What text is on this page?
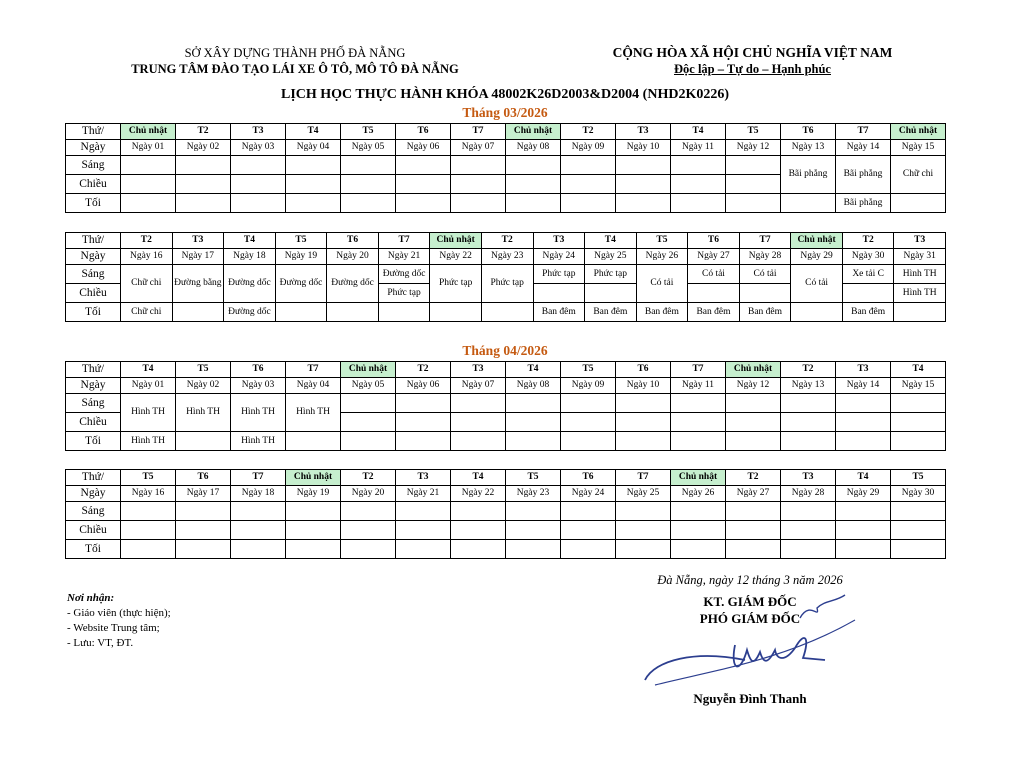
SỞ XÂY DỰNG THÀNH PHỐ ĐÀ NẴNG
TRUNG TÂM ĐÀO TẠO LÁI XE Ô TÔ, MÔ TÔ ĐÀ NẴNG
CỘNG HÒA XÃ HỘI CHỦ NGHĨA VIỆT NAM
Độc lập – Tự do – Hạnh phúc
LỊCH HỌC THỰC HÀNH KHÓA 48002K26D2003&D2004 (NHD2K0226)
Tháng 03/2026
Thứ/	Chủ nhật	T2	T3	T4	T5	T6	T7	Chủ nhật	T2	T3	T4	T5	T6	T7	Chủ nhật
Ngày	Ngày 01	Ngày 02	Ngày 03	Ngày 04	Ngày 05	Ngày 06	Ngày 07	Ngày 08	Ngày 09	Ngày 10	Ngày 11	Ngày 12	Ngày 13	Ngày 14	Ngày 15
Sáng													Bãi phẳng	Bãi phẳng	Chữ chi
Chiều															
Tối														Bãi phẳng	
Thứ/	T2	T3	T4	T5	T6	T7	Chủ nhật	T2	T3	T4	T5	T6	T7	Chủ nhật	T2	T3
Ngày	Ngày 16	Ngày 17	Ngày 18	Ngày 19	Ngày 20	Ngày 21	Ngày 22	Ngày 23	Ngày 24	Ngày 25	Ngày 26	Ngày 27	Ngày 28	Ngày 29	Ngày 30	Ngày 31
Sáng	Chữ chi	Đường bằng	Đường dốc	Đường dốc	Đường dốc	Đường dốc	Phức tạp	Phức tạp	Phức tạp	Phức tạp	Có tải	Có tải	Có tải	Có tải	Xe tải C	Hình TH
Chiều						Phức tạp										Hình TH
Tối	Chữ chi		Đường dốc						Ban đêm	Ban đêm	Ban đêm	Ban đêm	Ban đêm		Ban đêm	
Tháng 04/2026
Thứ/	T4	T5	T6	T7	Chủ nhật	T2	T3	T4	T5	T6	T7	Chủ nhật	T2	T3	T4
Ngày	Ngày 01	Ngày 02	Ngày 03	Ngày 04	Ngày 05	Ngày 06	Ngày 07	Ngày 08	Ngày 09	Ngày 10	Ngày 11	Ngày 12	Ngày 13	Ngày 14	Ngày 15
Sáng	Hình TH	Hình TH	Hình TH	Hình TH											
Chiều															
Tối	Hình TH		Hình TH												
Thứ/	T5	T6	T7	Chủ nhật	T2	T3	T4	T5	T6	T7	Chủ nhật	T2	T3	T4	T5
Ngày	Ngày 16	Ngày 17	Ngày 18	Ngày 19	Ngày 20	Ngày 21	Ngày 22	Ngày 23	Ngày 24	Ngày 25	Ngày 26	Ngày 27	Ngày 28	Ngày 29	Ngày 30
Sáng															
Chiều															
Tối															
Nơi nhận:
- Giáo viên (thực hiện);
- Website Trung tâm;
- Lưu: VT, ĐT.
Đà Nẵng, ngày 12 tháng 3 năm 2026
KT. GIÁM ĐỐC
PHÓ GIÁM ĐỐC
Nguyễn Đình Thanh
